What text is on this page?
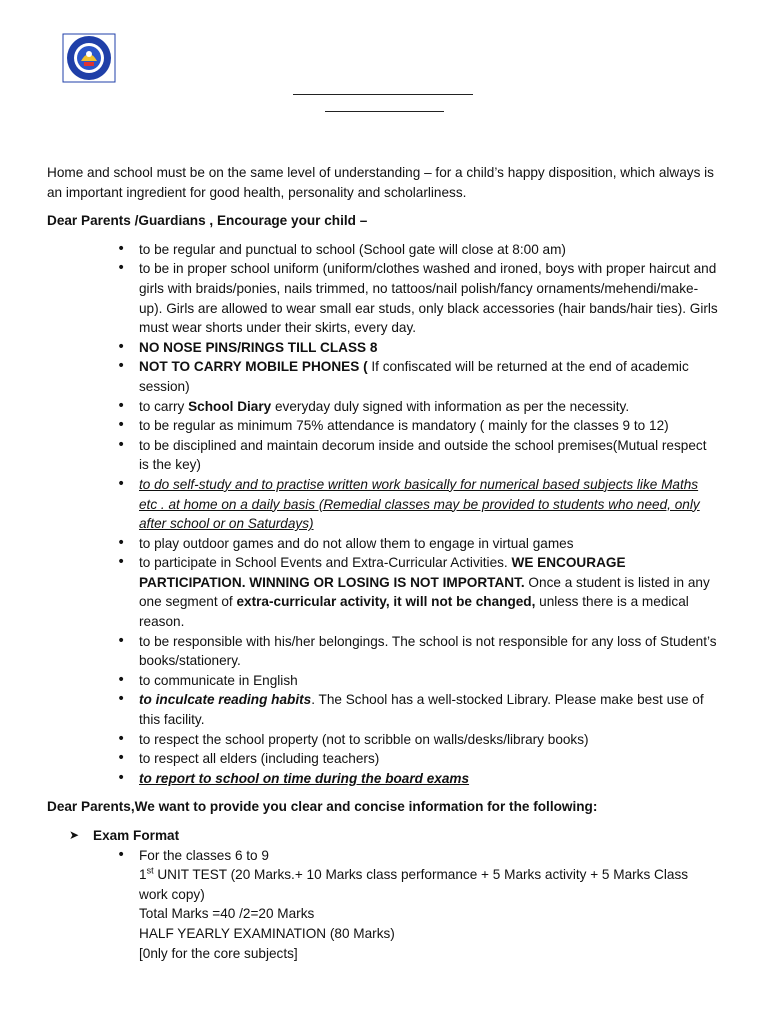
Home and school must be on the same level of understanding – for a child’s happy disposition, which always is an important ingredient for good health, personality and scholarliness.

Dear Parents /Guardians , Encourage your child –

• to be regular and punctual to school (School gate will close at 8:00 am)
• to be in proper school uniform (uniform/clothes washed and ironed, boys with proper haircut and girls with braids/ponies, nails trimmed, no tattoos/nail polish/fancy ornaments/mehendi/make-up). Girls are allowed to wear small ear studs, only black accessories (hair bands/hair ties). Girls must wear shorts under their skirts, every day.
• NO NOSE PINS/RINGS TILL CLASS 8
• NOT TO CARRY MOBILE PHONES ( If confiscated will be returned at the end of academic session)
• to carry School Diary everyday duly signed with information as per the necessity.
• to be regular as minimum 75% attendance is mandatory ( mainly for the classes 9 to 12)
• to be disciplined and maintain decorum inside and outside the school premises(Mutual respect is the key)
• to do self-study and to practise written work basically for numerical based subjects like Maths etc . at home on a daily basis (Remedial classes may be provided to students who need, only after school or on Saturdays)
• to play outdoor games and do not allow them to engage in virtual games
• to participate in School Events and Extra-Curricular Activities. WE ENCOURAGE PARTICIPATION. WINNING OR LOSING IS NOT IMPORTANT. Once a student is listed in any one segment of extra-curricular activity, it will not be changed, unless there is a medical reason.
• to be responsible with his/her belongings. The school is not responsible for any loss of Student’s books/stationery.
• to communicate in English
• to inculcate reading habits. The School has a well-stocked Library. Please make best use of this facility.
• to respect the school property (not to scribble on walls/desks/library books)
• to respect all elders (including teachers)
• to report to school on time during the board exams

Dear Parents,We want to provide you clear and concise information for the following:

➤ Exam Format
• For the classes 6 to 9
1st UNIT TEST (20 Marks.+ 10 Marks class performance + 5 Marks activity + 5 Marks Class work copy)
Total Marks =40 /2=20 Marks
HALF YEARLY EXAMINATION (80 Marks)
[0nly for the core subjects]
